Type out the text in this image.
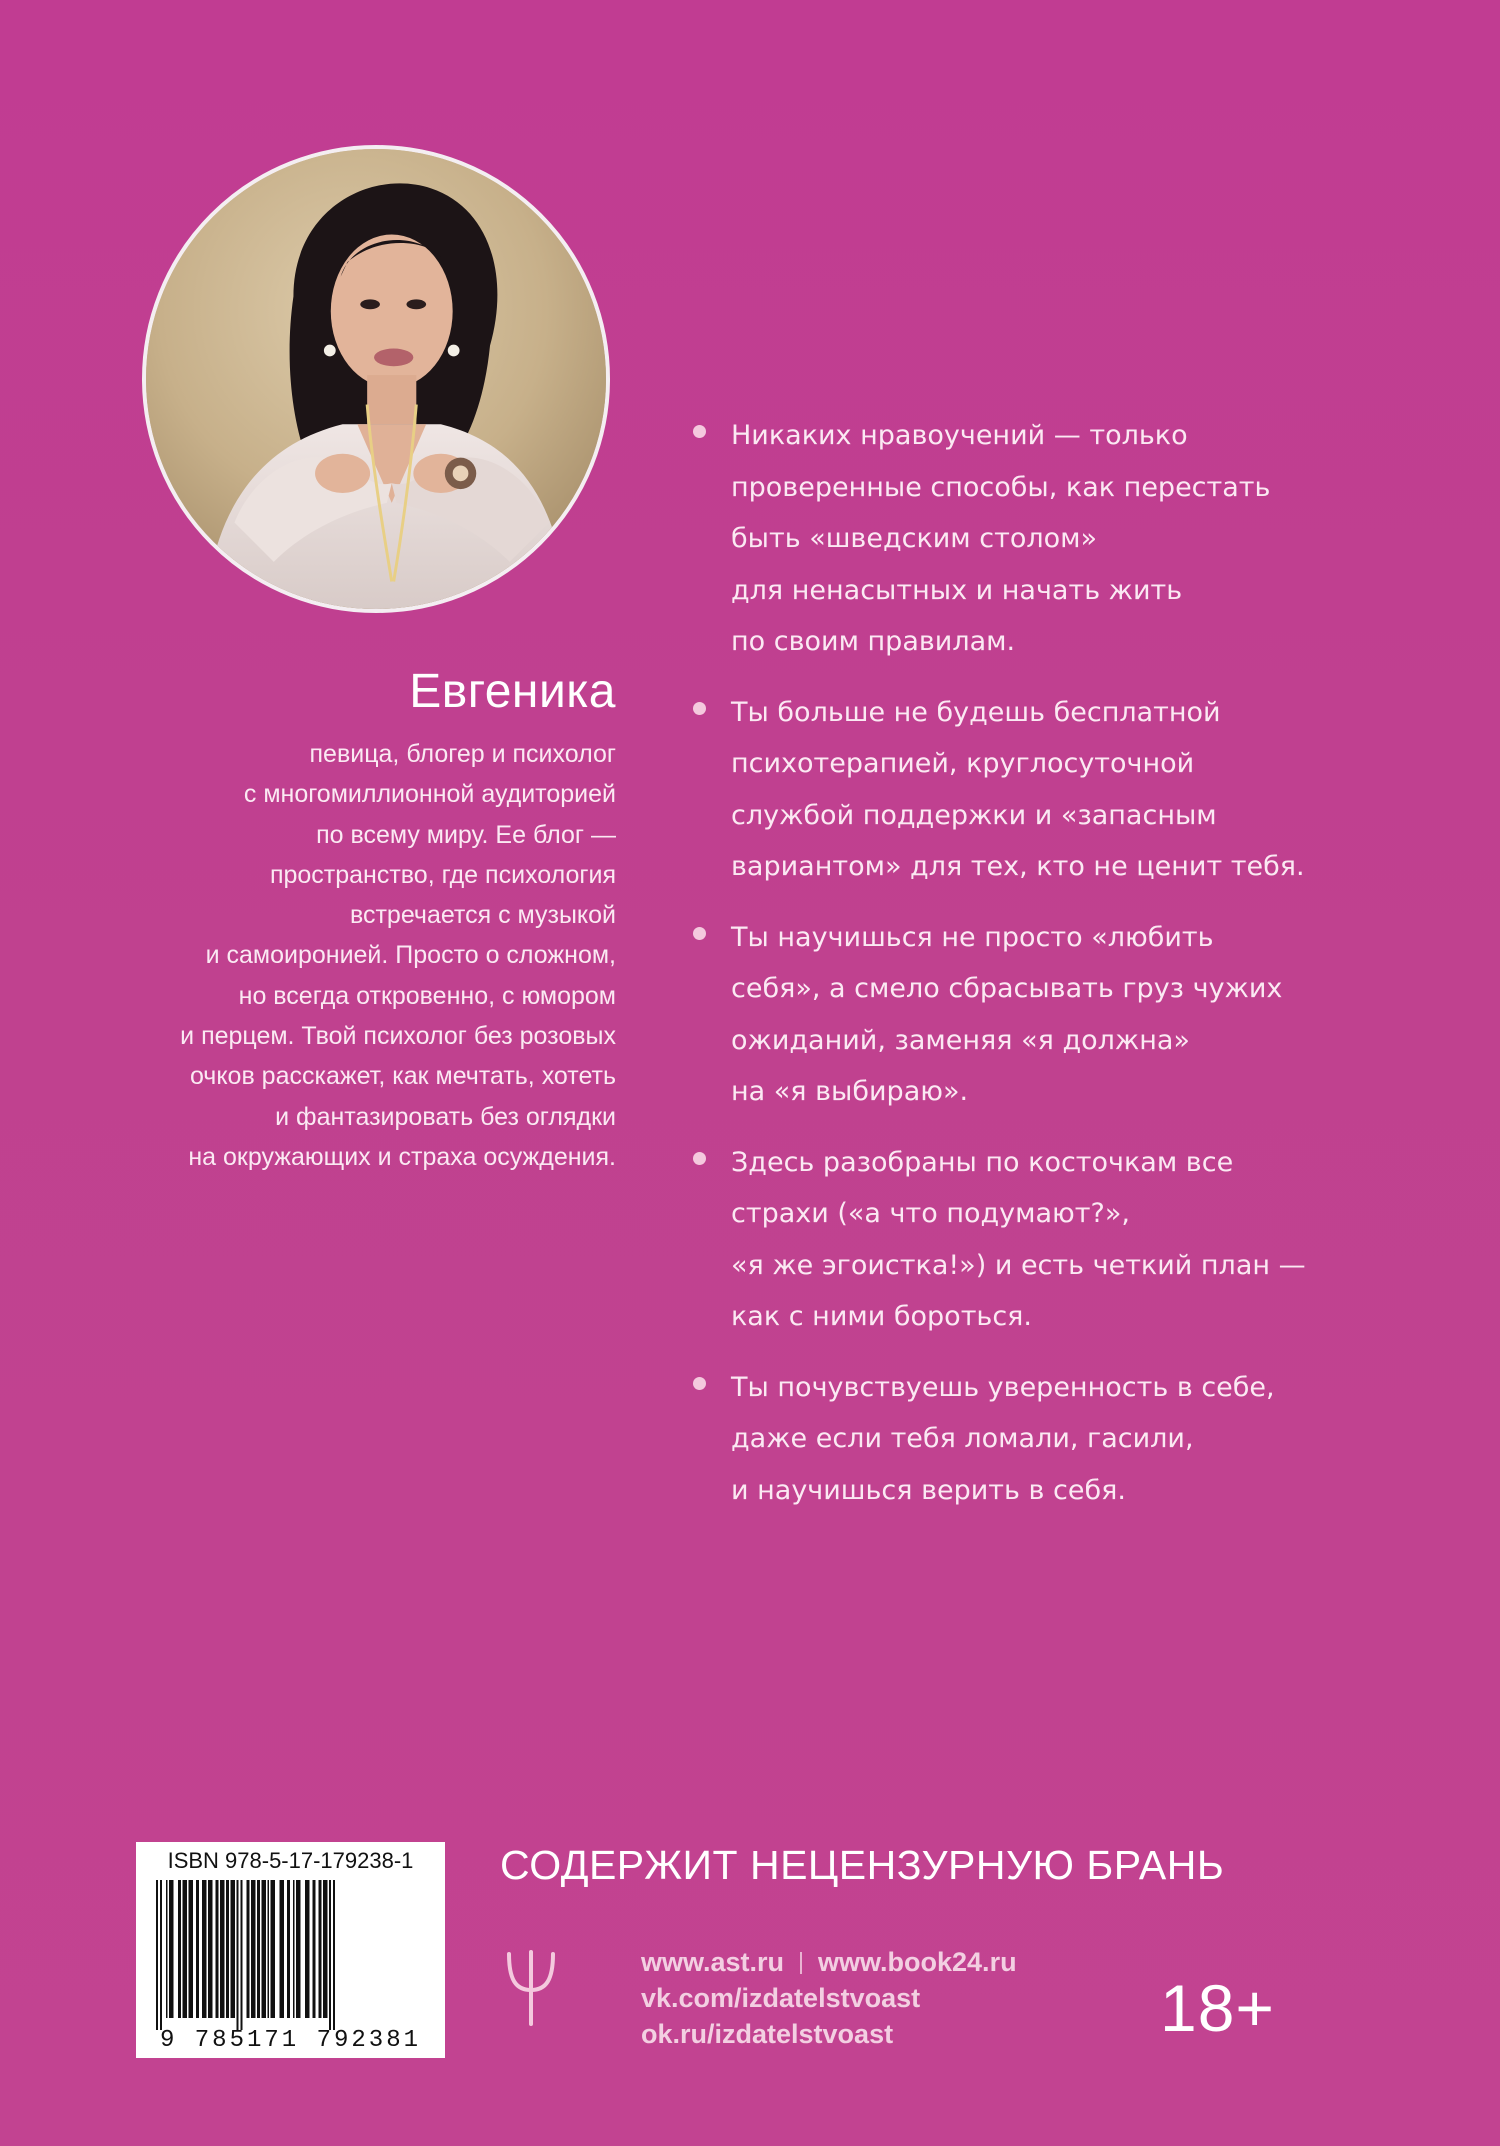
Евгеника
певица, блогер и психолог
с многомиллионной аудиторией
по всему миру. Ее блог —
пространство, где психология
встречается с музыкой
и самоиронией. Просто о сложном,
но всегда откровенно, с юмором
и перцем. Твой психолог без розовых
очков расскажет, как мечтать, хотеть
и фантазировать без оглядки
на окружающих и страха осуждения.
Никаких нравоучений — только
проверенные способы, как перестать
быть «шведским столом»
для ненасытных и начать жить
по своим правилам.
Ты больше не будешь бесплатной
психотерапией, круглосуточной
службой поддержки и «запасным
вариантом» для тех, кто не ценит тебя.
Ты научишься не просто «любить
себя», а смело сбрасывать груз чужих
ожиданий, заменяя «я должна»
на «я выбираю».
Здесь разобраны по косточкам все
страхи («а что подумают?»,
«я же эгоистка!») и есть четкий план —
как с ними бороться.
Ты почувствуешь уверенность в себе,
даже если тебя ломали, гасили,
и научишься верить в себя.
ISBN 978-5-17-179238-1
9 785171 792381
СОДЕРЖИТ НЕЦЕНЗУРНУЮ БРАНЬ
www.ast.ru www.book24.ru
vk.com/izdatelstvoast
ok.ru/izdatelstvoast	18+
